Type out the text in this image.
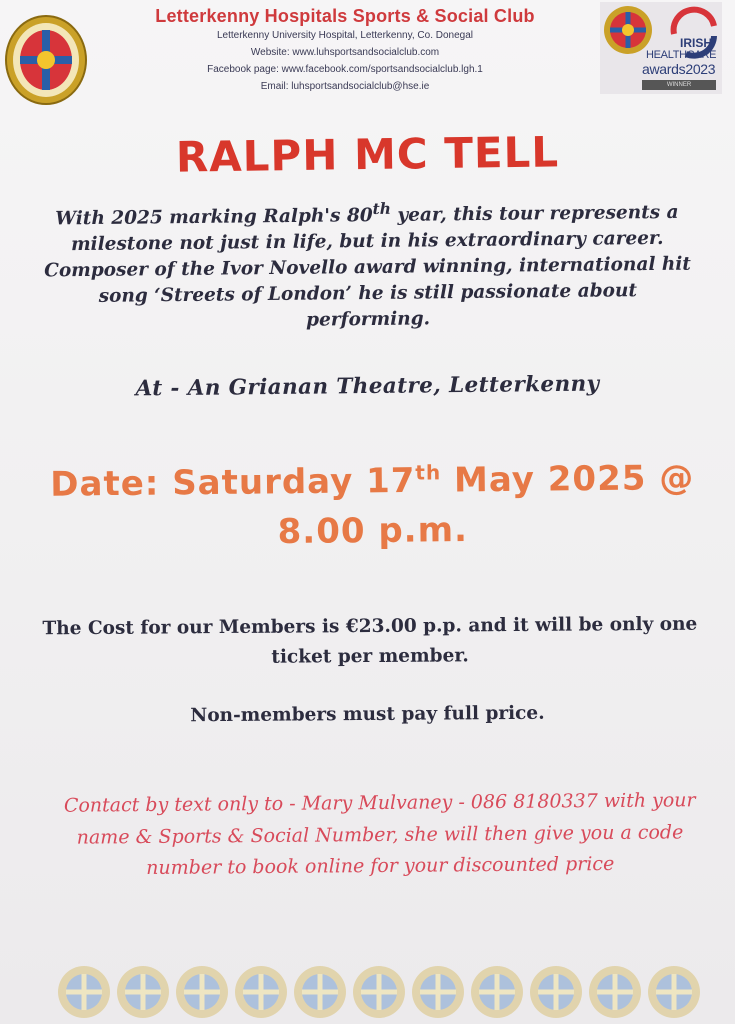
Letterkenny Hospitals Sports & Social Club
Letterkenny University Hospital, Letterkenny, Co. Donegal
Website: www.luhsportsandsocialclub.com
Facebook page: www.facebook.com/sportsandsocialclub.lgh.1
Email: luhsportsandsocialclub@hse.ie
IRISH
HEALTHCARE
awards2023
WINNER
RALPH MC TELL
With 2025 marking Ralph's 80th year, this tour represents a milestone not just in life, but in his extraordinary career. Composer of the Ivor Novello award winning, international hit song ‘Streets of London’ he is still passionate about performing.
At - An Grianan Theatre, Letterkenny
Date: Saturday 17th May 2025 @ 8.00 p.m.
The Cost for our Members is €23.00 p.p. and it will be only one ticket per member.
Non-members must pay full price.
Contact by text only to - Mary Mulvaney - 086 8180337 with your name & Sports & Social Number, she will then give you a code number to book online for your discounted price
